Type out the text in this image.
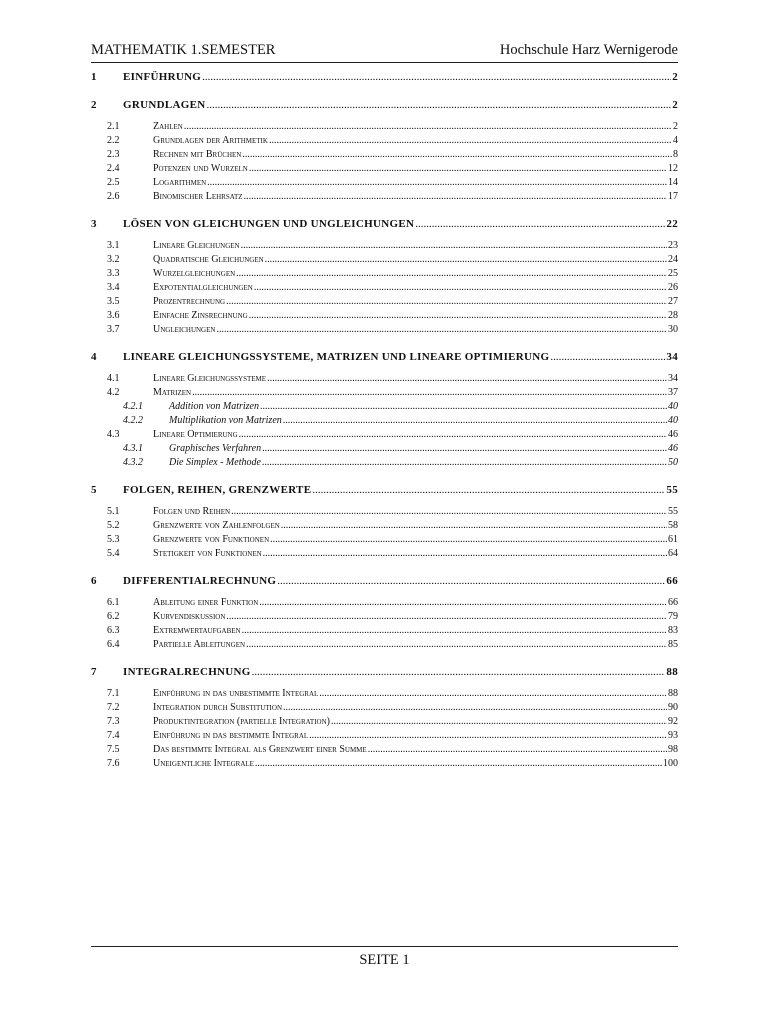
MATHEMATIK 1.SEMESTER	Hochschule Harz Wernigerode
1 EINFÜHRUNG .....	2
2 GRUNDLAGEN .....	2
2.1	Zahlen .....	2
2.2	Grundlagen der Arithmetik .....	4
2.3	Rechnen mit Brüchen .....	8
2.4	Potenzen und Wurzeln .....	12
2.5	Logarithmen .....	14
2.6	Binomischer Lehrsatz .....	17
3 LÖSEN VON GLEICHUNGEN UND UNGLEICHUNGEN .....	22
3.1	Lineare Gleichungen .....	23
3.2	Quadratische Gleichungen .....	24
3.3	Wurzelgleichungen .....	25
3.4	Expotentialgleichungen .....	26
3.5	Prozentrechnung .....	27
3.6	Einfache Zinsrechnung .....	28
3.7	Ungleichungen .....	30
4 LINEARE GLEICHUNGSSYSTEME, MATRIZEN UND LINEARE OPTIMIERUNG .....	34
4.1	Lineare Gleichungssysteme .....	34
4.2	Matrizen .....	37
4.2.1	Addition von Matrizen .....	40
4.2.2	Multiplikation von Matrizen .....	40
4.3	Lineare Optimierung .....	46
4.3.1	Graphisches Verfahren .....	46
4.3.2	Die Simplex - Methode .....	50
5 FOLGEN, REIHEN, GRENZWERTE .....	55
5.1	Folgen und Reihen .....	55
5.2	Grenzwerte von Zahlenfolgen .....	58
5.3	Grenzwerte von Funktionen .....	61
5.4	Stetigkeit von Funktionen .....	64
6 DIFFERENTIALRECHNUNG .....	66
6.1	Ableitung einer Funktion .....	66
6.2	Kurvendiskussion .....	79
6.3	Extremwertaufgaben .....	83
6.4	Partielle Ableitungen .....	85
7 INTEGRALRECHNUNG .....	88
7.1	Einführung in das unbestimmte Integral .....	88
7.2	Integration durch Substitution .....	90
7.3	Produktintegration (partielle Integration) .....	92
7.4	Einführung in das bestimmte Integral .....	93
7.5	Das bestimmte Integral als Grenzwert einer Summe .....	98
7.6	Uneigentliche Integrale .....	100
SEITE 1
